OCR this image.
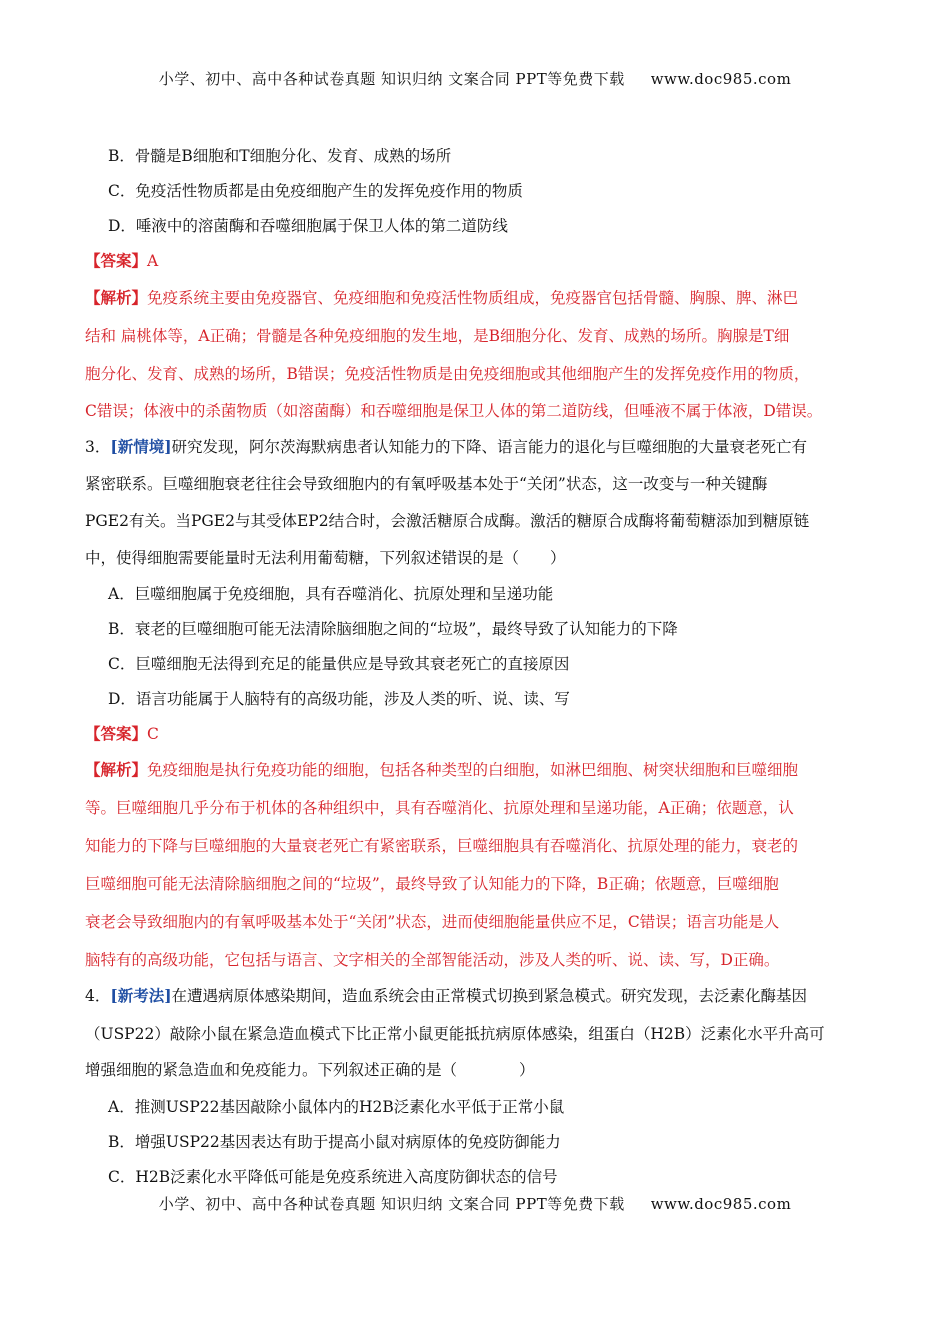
小学、初中、高中各种试卷真题 知识归纳 文案合同 PPT等免费下载 www.doc985.com
B．骨髓是B细胞和T细胞分化、发育、成熟的场所
C．免疫活性物质都是由免疫细胞产生的发挥免疫作用的物质
D．唾液中的溶菌酶和吞噬细胞属于保卫人体的第二道防线
【答案】A
【解析】免疫系统主要由免疫器官、免疫细胞和免疫活性物质组成，免疫器官包括骨髓、胸腺、脾、淋巴
结和 扁桃体等，A正确；骨髓是各种免疫细胞的发生地，是B细胞分化、发育、成熟的场所。胸腺是T细
胞分化、发育、成熟的场所，B错误；免疫活性物质是由免疫细胞或其他细胞产生的发挥免疫作用的物质，
C错误；体液中的杀菌物质（如溶菌酶）和吞噬细胞是保卫人体的第二道防线，但唾液不属于体液，D错误。
3．[新情境]研究发现，阿尔茨海默病患者认知能力的下降、语言能力的退化与巨噬细胞的大量衰老死亡有
紧密联系。巨噬细胞衰老往往会导致细胞内的有氧呼吸基本处于“关闭”状态，这一改变与一种关键酶
PGE2有关。当PGE2与其受体EP2结合时，会激活糖原合成酶。激活的糖原合成酶将葡萄糖添加到糖原链
中，使得细胞需要能量时无法利用葡萄糖，下列叙述错误的是（　　）
A．巨噬细胞属于免疫细胞，具有吞噬消化、抗原处理和呈递功能
B．衰老的巨噬细胞可能无法清除脑细胞之间的“垃圾”，最终导致了认知能力的下降
C．巨噬细胞无法得到充足的能量供应是导致其衰老死亡的直接原因
D．语言功能属于人脑特有的高级功能，涉及人类的听、说、读、写
【答案】C
【解析】免疫细胞是执行免疫功能的细胞，包括各种类型的白细胞，如淋巴细胞、树突状细胞和巨噬细胞
等。巨噬细胞几乎分布于机体的各种组织中，具有吞噬消化、抗原处理和呈递功能，A正确；依题意，认
知能力的下降与巨噬细胞的大量衰老死亡有紧密联系，巨噬细胞具有吞噬消化、抗原处理的能力，衰老的
巨噬细胞可能无法清除脑细胞之间的“垃圾”，最终导致了认知能力的下降，B正确；依题意，巨噬细胞
衰老会导致细胞内的有氧呼吸基本处于“关闭”状态，进而使细胞能量供应不足，C错误；语言功能是人
脑特有的高级功能，它包括与语言、文字相关的全部智能活动，涉及人类的听、说、读、写，D正确。
4．[新考法]在遭遇病原体感染期间，造血系统会由正常模式切换到紧急模式。研究发现，去泛素化酶基因
（USP22）敲除小鼠在紧急造血模式下比正常小鼠更能抵抗病原体感染，组蛋白（H2B）泛素化水平升高可
增强细胞的紧急造血和免疫能力。下列叙述正确的是（　　　　）
A．推测USP22基因敲除小鼠体内的H2B泛素化水平低于正常小鼠
B．增强USP22基因表达有助于提高小鼠对病原体的免疫防御能力
C．H2B泛素化水平降低可能是免疫系统进入高度防御状态的信号
小学、初中、高中各种试卷真题 知识归纳 文案合同 PPT等免费下载 www.doc985.com
